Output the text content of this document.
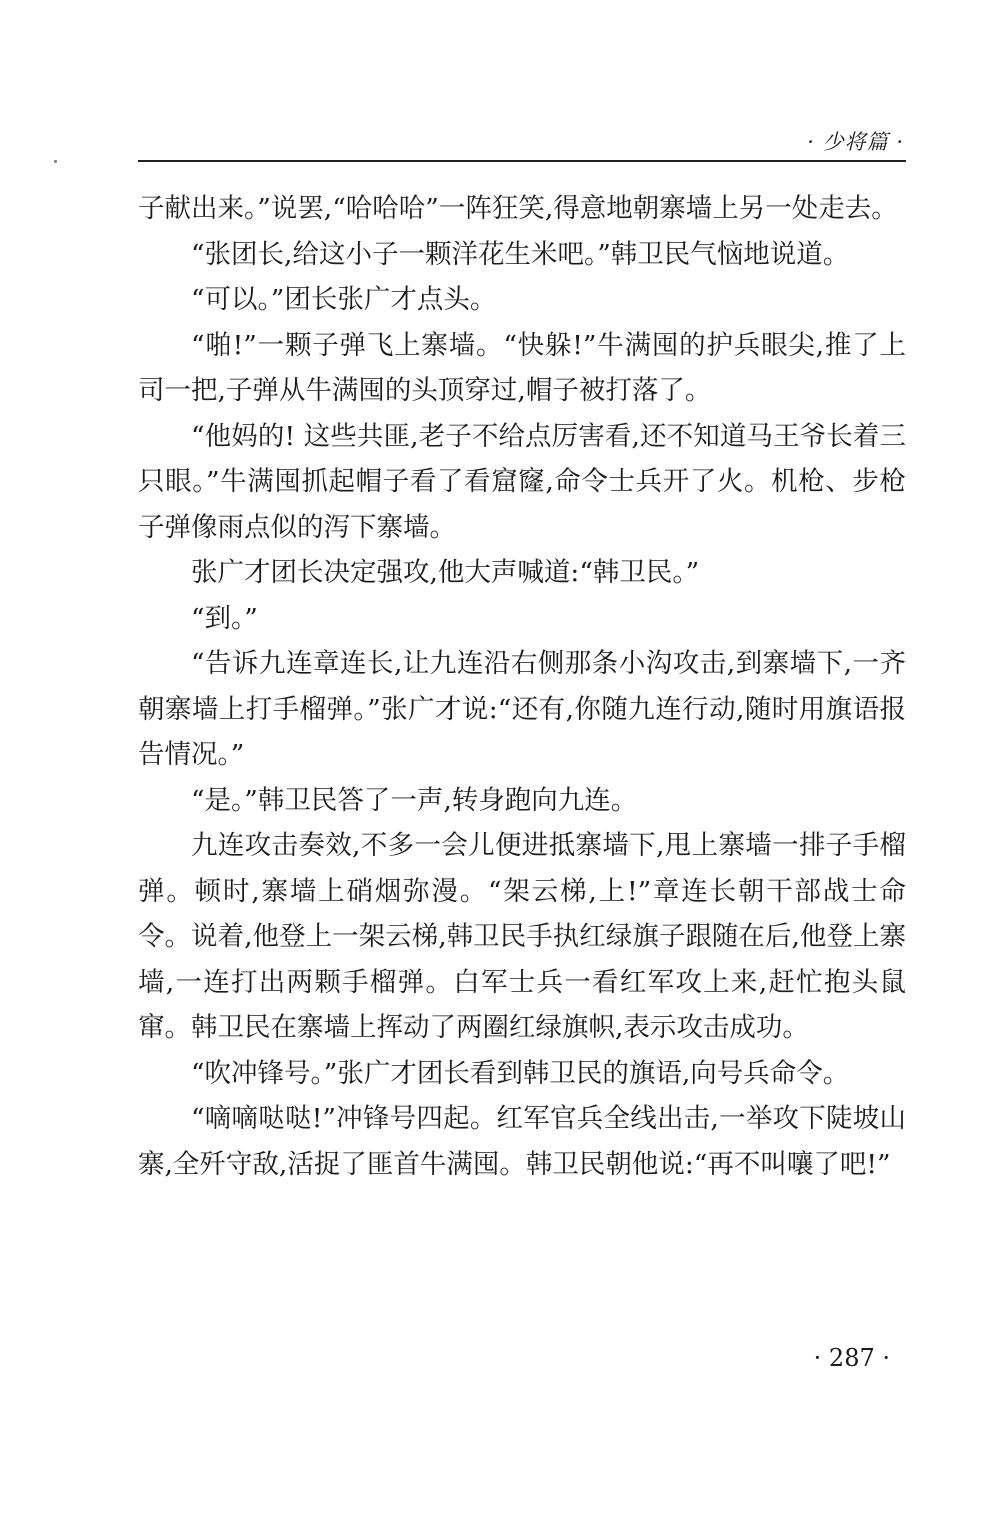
· 少将篇 ·

子献出来。”说罢,“哈哈哈”一阵狂笑,得意地朝寨墙上另一处走去。

“张团长,给这小子一颗洋花生米吧。”韩卫民气恼地说道。

“可以。”团长张广才点头。

“啪!”一颗子弹飞上寨墙。“快躲!”牛满囤的护兵眼尖,推了上司一把,子弹从牛满囤的头顶穿过,帽子被打落了。

“他妈的! 这些共匪,老子不给点厉害看,还不知道马王爷长着三只眼。”牛满囤抓起帽子看了看窟窿,命令士兵开了火。机枪、步枪子弹像雨点似的泻下寨墙。

张广才团长决定强攻,他大声喊道:“韩卫民。”

“到。”

“告诉九连章连长,让九连沿右侧那条小沟攻击,到寨墙下,一齐朝寨墙上打手榴弹。”张广才说:“还有,你随九连行动,随时用旗语报告情况。”

“是。”韩卫民答了一声,转身跑向九连。

九连攻击奏效,不多一会儿便进抵寨墙下,甩上寨墙一排子手榴弹。顿时,寨墙上硝烟弥漫。“架云梯,上!”章连长朝干部战士命令。说着,他登上一架云梯,韩卫民手执红绿旗子跟随在后,他登上寨墙,一连打出两颗手榴弹。白军士兵一看红军攻上来,赶忙抱头鼠窜。韩卫民在寨墙上挥动了两圈红绿旗帜,表示攻击成功。

“吹冲锋号。”张广才团长看到韩卫民的旗语,向号兵命令。

“嘀嘀哒哒!”冲锋号四起。红军官兵全线出击,一举攻下陡坡山寨,全歼守敌,活捉了匪首牛满囤。韩卫民朝他说:“再不叫嚷了吧!”

· 287 ·
